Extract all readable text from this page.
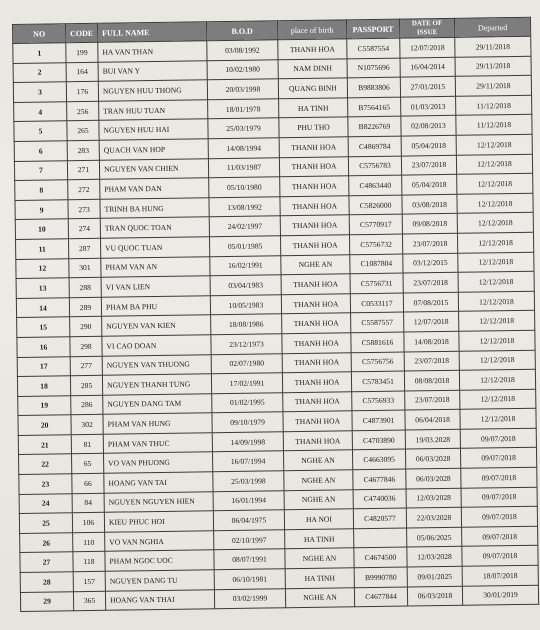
NO	CODE	FULL NAME	B.O.D	place of birth	PASSPORT	DATE OF ISSUE	Departed
1	199	HA VAN THAN	03/08/1992	THANH HOA	C5587554	12/07/2018	29/11/2018
2	164	BUI VAN Y	10/02/1980	NAM DINH	N1075696	16/04/2014	29/11/2018
3	176	NGUYEN HUU THONG	20/03/1998	QUANG BINH	B9883806	27/01/2015	29/11/2018
4	256	TRAN HUU TUAN	18/01/1978	HA TINH	B7564165	01/03/2013	11/12/2018
5	265	NGUYEN HUU HAI	25/03/1979	PHU THO	B8226769	02/08/2013	11/12/2018
6	283	QUACH VAN HOP	14/08/1994	THANH HOA	C4869784	05/04/2018	12/12/2018
7	271	NGUYEN VAN CHIEN	11/03/1987	THANH HOA	C5756783	23/07/2018	12/12/2018
8	272	PHAM VAN DAN	05/10/1980	THANH HOA	C4863440	05/04/2018	12/12/2018
9	273	TRINH BA HUNG	13/08/1992	THANH HOA	C5826000	03/08/2018	12/12/2018
10	274	TRAN QUOC TOAN	24/02/1997	THANH HOA	C5770917	09/08/2018	12/12/2018
11	287	VU QUOC TUAN	05/01/1985	THANH HOA	C5756732	23/07/2018	12/12/2018
12	301	PHAM VAN AN	16/02/1991	NGHE AN	C1087804	03/12/2015	12/12/2018
13	288	VI VAN LIEN	03/04/1983	THANH HOA	C5756731	23/07/2018	12/12/2018
14	289	PHAM BA PHU	10/05/1983	THANH HOA	C0533117	07/08/2015	12/12/2018
15	290	NGUYEN VAN KIEN	18/08/1986	THANH HOA	C5587557	12/07/2018	12/12/2018
16	298	VI CAO DOAN	23/12/1973	THANH HOA	C5881616	14/08/2018	12/12/2018
17	277	NGUYEN VAN THUONG	02/07/1980	THANH HOA	C5756756	23/07/2018	12/12/2018
18	285	NGUYEN THANH TUNG	17/02/1991	THANH HOA	C5783451	08/08/2018	12/12/2018
19	286	NGUYEN DANG TAM	01/02/1995	THANH HOA	C5756933	23/07/2018	12/12/2018
20	302	PHAM VAN HUNG	09/10/1979	THANH HOA	C4873901	06/04/2018	12/12/2018
21	81	PHAM VAN THUC	14/09/1998	THANH HOA	C4703890	19/03.2028	09/07/2018
22	65	VO VAN PHUONG	16/07/1994	NGHE AN	C4663095	06/03/2028	09/07/2018
23	66	HOANG VAN TAI	25/03/1998	NGHE AN	C4677846	06/03/2028	09/07/2018
24	84	NGUYEN NGUYEN HIEN	16/01/1994	NGHE AN	C4740036	12/03/2028	09/07/2018
25	106	KIEU PHUC HOI	06/04/1975	HA NOI	C4820577	22/03/2028	09/07/2018
26	110	VO VAN NGHIA	02/10/1997	HA TINH		05/06/2025	09/07/2018
27	118	PHAM NGOC UOC	08/07/1991	NGHE AN	C4674500	12/03/2028	09/07/2018
28	157	NGUYEN DANG TU	06/10/1981	HA TINH	B9990780	09/01/2025	18/07/2018
29	365	HOANG VAN THAI	03/02/1999	NGHE AN	C4677844	06/03/2018	30/01/2019
